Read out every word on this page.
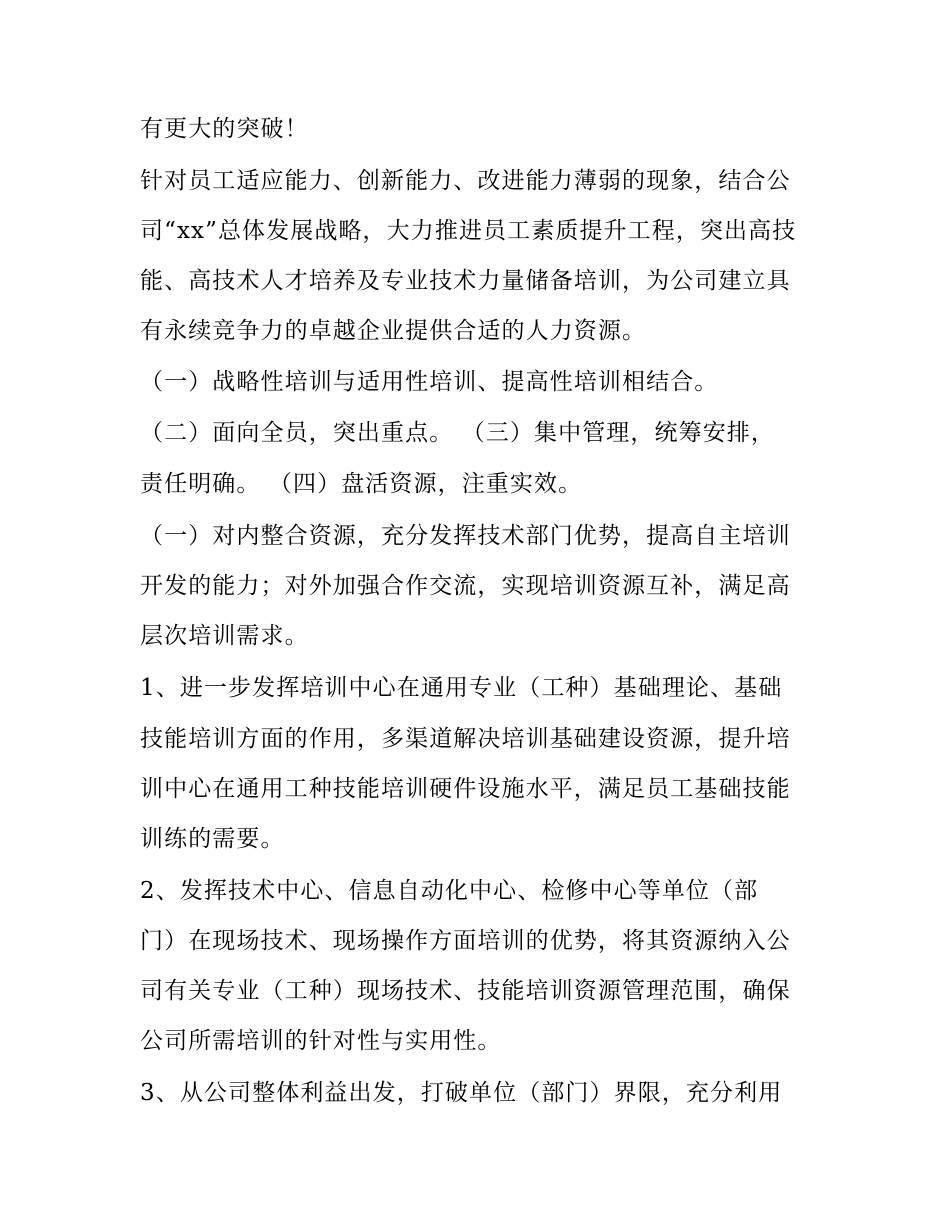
有更大的突破！

针对员工适应能力、创新能力、改进能力薄弱的现象，结合公

司“xx”总体发展战略，大力推进员工素质提升工程，突出高技

能、高技术人才培养及专业技术力量储备培训，为公司建立具

有永续竞争力的卓越企业提供合适的人力资源。

（一）战略性培训与适用性培训、提高性培训相结合。

（二）面向全员，突出重点。 （三）集中管理，统筹安排，

责任明确。 （四）盘活资源，注重实效。

（一）对内整合资源，充分发挥技术部门优势，提高自主培训

开发的能力；对外加强合作交流，实现培训资源互补，满足高

层次培训需求。

1、进一步发挥培训中心在通用专业（工种）基础理论、基础

技能培训方面的作用，多渠道解决培训基础建设资源，提升培

训中心在通用工种技能培训硬件设施水平，满足员工基础技能

训练的需要。

2、发挥技术中心、信息自动化中心、检修中心等单位（部

门）在现场技术、现场操作方面培训的优势，将其资源纳入公

司有关专业（工种）现场技术、技能培训资源管理范围，确保

公司所需培训的针对性与实用性。

3、从公司整体利益出发，打破单位（部门）界限，充分利用
